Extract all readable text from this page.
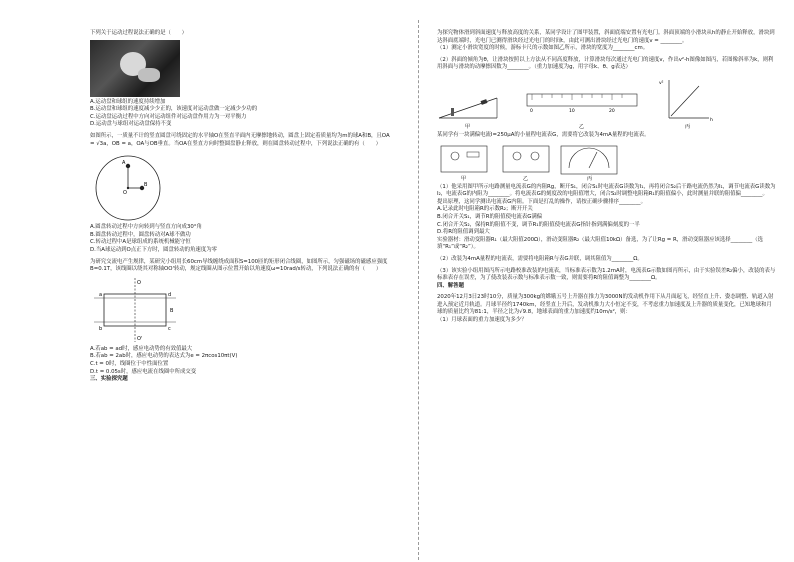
下列关于运动过程说法正确的是（　　）

A.运动盘和球组的速度持续增加

B.运动盘和球组的速度减少少正的，该速度对运动盘做一定减少少功的

C.运动盘运动过程中方向对运动组件对运动盘作用力为一对平衡力

D.运动盘与球组对运动盘保持不变

如图所示，一质量不计的竖直圆盘可绕固定的水平轴O在竖直平面内无摩擦地转动，圆盘上固定着质量均为m的球A和B，且OA = √3a，OB = a，OA与OB垂直。当OA在竖直方向时整圆盘静止释放，则在圆盘转动过程中，下列说法正确的有（　　）

A
B
O

A.圆盘转动过程中方向转到与竖直方向成30°角

B.圆盘转动过程中，圆盘转动对A球不做功

C.转动过程中A是球组成的系统机械能守恒

D.当A球运动到O点正下方时，圆盘转动的角速度为零

为研究交流电产生规律，某研究小组用长60cm导线缠绕成面积S=100匝的矩形闭合线圈，如图所示，匀强磁场的磁感应强度B=0.1T，该线圈以绕其对称轴OO'转动，规定线圈从图示位置开始以角速度ω=10rad/s转动，下列说法正确的有（　　）

O
O'
a	d
b	c
B

A.若ab = ad时，感应电动势的有效值最大

B.若ab = 2ab时，感应电动势的表达式为e = 2πcos10πt(V)

C.t = 0时，线圈位于中性面位置

D.t = 0.05s时，感应电流在线圈中所成交变

三、实验探究题

为探究物体滑到斜面速度与释放高度的关系，某同学设计了图甲装置，斜面底端安置有光电门。斜面顶端的小滑块从h的静止开始释放，滑块到达斜面底端时，光电门已测得滑块经过光电门的时间t，由此可测出滑块经过光电门的速度v = ________。

（1）测定小滑块宽度的时候，游标卡尺的示数如图乙所示，滑块的宽度为________cm。

（2）斜面的倾角为θ，让滑块按照以上方法从不同高度释放，计算滑块每次通过光电门的速度v，作出v²-h图像如图丙，若图像斜率为k，则利用斜面与滑块的动摩擦因数为________。（重力加速度为g，用字母k、θ、g表达）

甲
0	10	20
乙
v²
h
丙

某同学有一块满偏电流I=250μA的小量程电流表G，需要将它改装为4mA量程的电流表。

甲	乙	丙

（1）他采用图甲所示电路测量电流表G的内阻Rg，断开S₁，闭合S₁时电流表G读数为I₁，再将闭合S₂后干路电流仍然为I₁，调节电流表G读数为I₂，电流表G的内阻为________。将电流表G的刻度改的电阻值增大，闭合S₂时调整电阻箱R₁的阻值偏小，此时测量并联的阻值偏________。

提出原理，这同学测出电流表G内阻。下面是打乱的操作，请按正确步骤排序________。

A.记录此时电阻箱R的示数R₂；断开开关

B.闭合开关S₁，调节R的阻值使电流表G满偏

C.闭合开关S₂，保持R的阻值不变，调节R₁的阻值使电流表G指针指到满偏刻度的一半

D.将R的阻值调到最大

实验器材：滑动变阻器R₁（最大阻值200Ω），滑动变阻器R₂（最大阻值10kΩ）备选，为了让Rg = R，滑动变阻器应该选择________（选填“R₁”或“R₂”）。

（2）改装为4mA量程的电流表，需要将电阻箱R与表G并联，调其阻值为________Ω。

（3）该实验小组用图丙所示电路校准改装的电流表，当标准表示数为1.2mA时，电流表G示数如图丙所示，由于实验误差R₂偏小，改装的表与标准表存在误差，为了使改装表示数与标准表示数一致，则需要将R的阻值调整为________Ω。

四、解答题

2020年12月3日23时10分，质量为300kg的嫦娥五号上升器在推力为3000N的发动机作用下从月面起飞，经竖直上升、姿态调整、轨道入射进入预定近月轨道。月球半径约1740km，经竖直上升后，发动机推力大小恒定不变，不考虑重力加速度及上升器的质量变化，已知地球和月球的质量比约为81:1，半径之比为√9.8，地球表面的重力加速度约10m/s²，则：

（1）月球表面的重力加速度为多少？
